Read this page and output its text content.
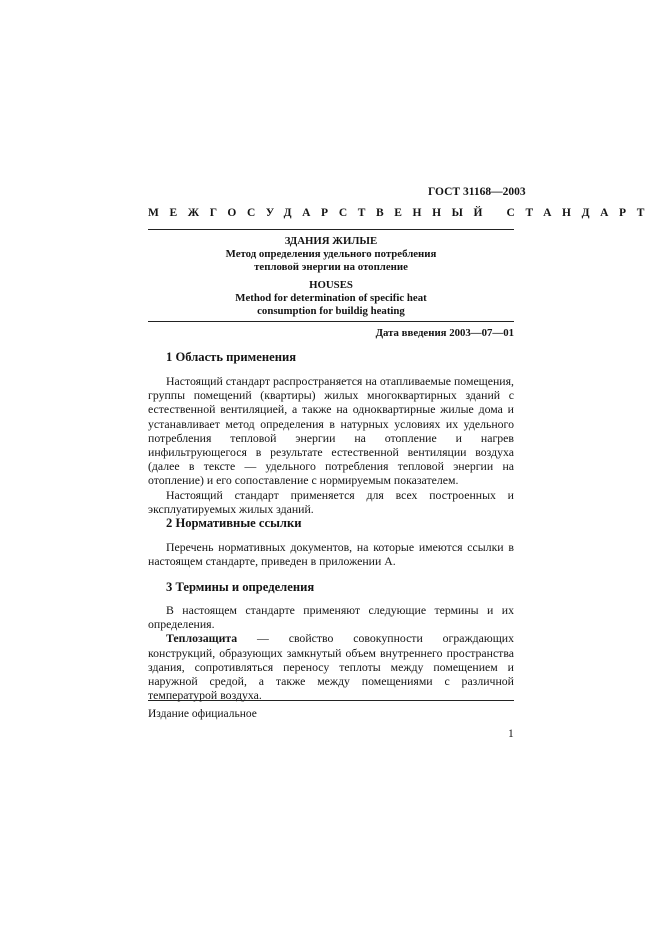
ГОСТ 31168—2003
МЕЖГОСУДАРСТВЕННЫЙ СТАНДАРТ
ЗДАНИЯ ЖИЛЫЕ
Метод определения удельного потребления
тепловой энергии на отопление
HOUSES
Method for determination of specific heat
consumption for buildig heating
Дата введения 2003—07—01
1 Область применения

Настоящий стандарт распространяется на отапливаемые помещения, группы помещений (квартиры) жилых многоквартирных зданий с естественной вентиляцией, а также на одноквартирные жилые дома и устанавливает метод определения в натурных условиях их удельного потребления тепловой энергии на отопление и нагрев инфильтрующегося в результате естественной вентиляции воздуха (далее в тексте — удельного потребления тепловой энергии на отопление) и его сопоставление с нормируемым показателем.

Настоящий стандарт применяется для всех построенных и эксплуатируемых жилых зданий.

2 Нормативные ссылки

Перечень нормативных документов, на которые имеются ссылки в настоящем стандарте, приведен в приложении А.

3 Термины и определения

В настоящем стандарте применяют следующие термины и их определения.

Теплозащита — свойство совокупности ограждающих конструкций, образующих замкнутый объем внутреннего пространства здания, сопротивляться переносу теплоты между помещением и наружной средой, а также между помещениями с различной температурой воздуха.

Издание официальное
1
